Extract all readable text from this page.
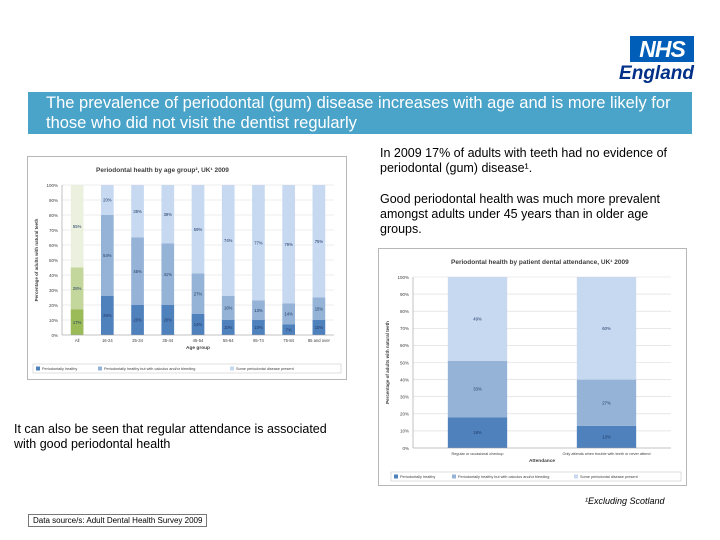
NHS
England
The prevalence of periodontal (gum) disease increases with age and is more likely for those who did not visit the dentist regularly
Periodontal health by age group², UK¹ 2009
0%
10%
20%
30%
40%
50%
60%
70%
80%
90%
100%
Percentage of adults with natural teeth
17%
28%
55%
All
26%
54%
20%
16-24
20%
45%
35%
25-34
20%
41%
39%
35-44
14%
27%
59%
45-54
10%
16%
74%
55-64
10%
13%
77%
65-74
7%
14%
79%
75-84
10%
15%
75%
85 and over
Age group
Periodontally healthy	Periodontally healthy but with calculus and/or bleeding	Some periodontal disease present
In 2009 17% of adults with teeth had no evidence of periodontal (gum) disease¹.
Good periodontal health was much more prevalent amongst adults under 45 years than in older age groups.
Periodontal health by patient dental attendance, UK¹ 2009
0%
10%
20%
30%
40%
50%
60%
70%
80%
90%
100%
Percentage of adults with natural teeth
18%
33%
49%
Regular or occasional checkup
13%
27%
60%
Only attends when trouble with teeth or never attend
Attendance
Periodontally healthy	Periodontally healthy but with calculus and/or bleeding	Some periodontal disease present
It can also be seen that regular attendance is associated with good periodontal health
¹Excluding Scotland
Data source/s: Adult Dental Health Survey 2009
